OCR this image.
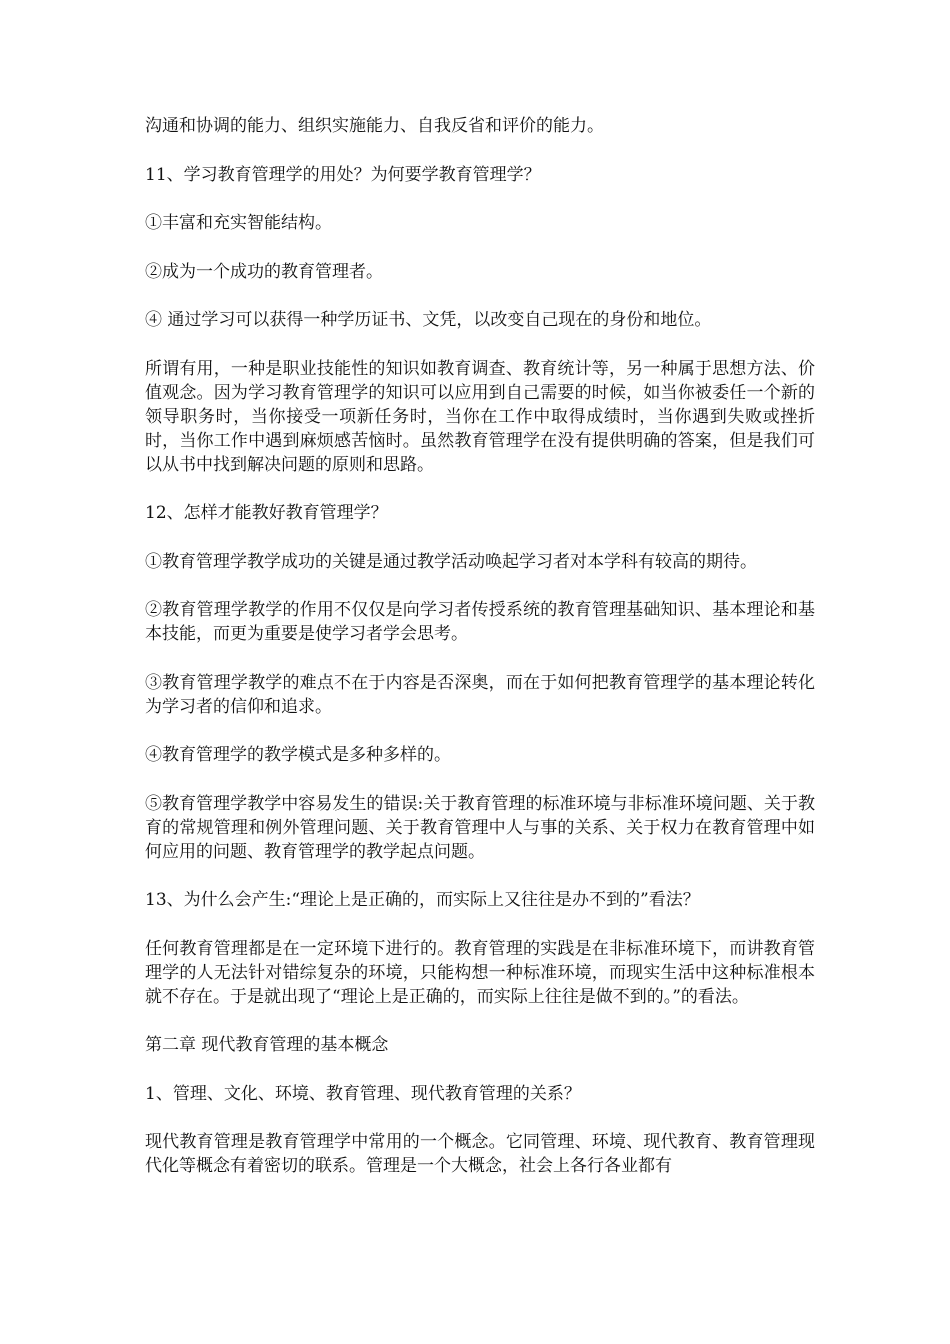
沟通和协调的能力、组织实施能力、自我反省和评价的能力。

11、学习教育管理学的用处？为何要学教育管理学？

①丰富和充实智能结构。

②成为一个成功的教育管理者。

④ 通过学习可以获得一种学历证书、文凭，以改变自己现在的身份和地位。

所谓有用，一种是职业技能性的知识如教育调查、教育统计等，另一种属于思想方法、价值观念。因为学习教育管理学的知识可以应用到自己需要的时候，如当你被委任一个新的领导职务时，当你接受一项新任务时，当你在工作中取得成绩时，当你遇到失败或挫折时，当你工作中遇到麻烦感苦恼时。虽然教育管理学在没有提供明确的答案，但是我们可以从书中找到解决问题的原则和思路。

12、怎样才能教好教育管理学？

①教育管理学教学成功的关键是通过教学活动唤起学习者对本学科有较高的期待。

②教育管理学教学的作用不仅仅是向学习者传授系统的教育管理基础知识、基本理论和基本技能，而更为重要是使学习者学会思考。

③教育管理学教学的难点不在于内容是否深奥，而在于如何把教育管理学的基本理论转化为学习者的信仰和追求。

④教育管理学的教学模式是多种多样的。

⑤教育管理学教学中容易发生的错误:关于教育管理的标准环境与非标准环境问题、关于教育的常规管理和例外管理问题、关于教育管理中人与事的关系、关于权力在教育管理中如何应用的问题、教育管理学的教学起点问题。

13、为什么会产生:“理论上是正确的，而实际上又往往是办不到的”看法？

任何教育管理都是在一定环境下进行的。教育管理的实践是在非标准环境下，而讲教育管理学的人无法针对错综复杂的环境，只能构想一种标准环境，而现实生活中这种标准根本就不存在。于是就出现了“理论上是正确的，而实际上往往是做不到的。”的看法。

第二章 现代教育管理的基本概念

1、管理、文化、环境、教育管理、现代教育管理的关系？

现代教育管理是教育管理学中常用的一个概念。它同管理、环境、现代教育、教育管理现代化等概念有着密切的联系。管理是一个大概念，社会上各行各业都有
